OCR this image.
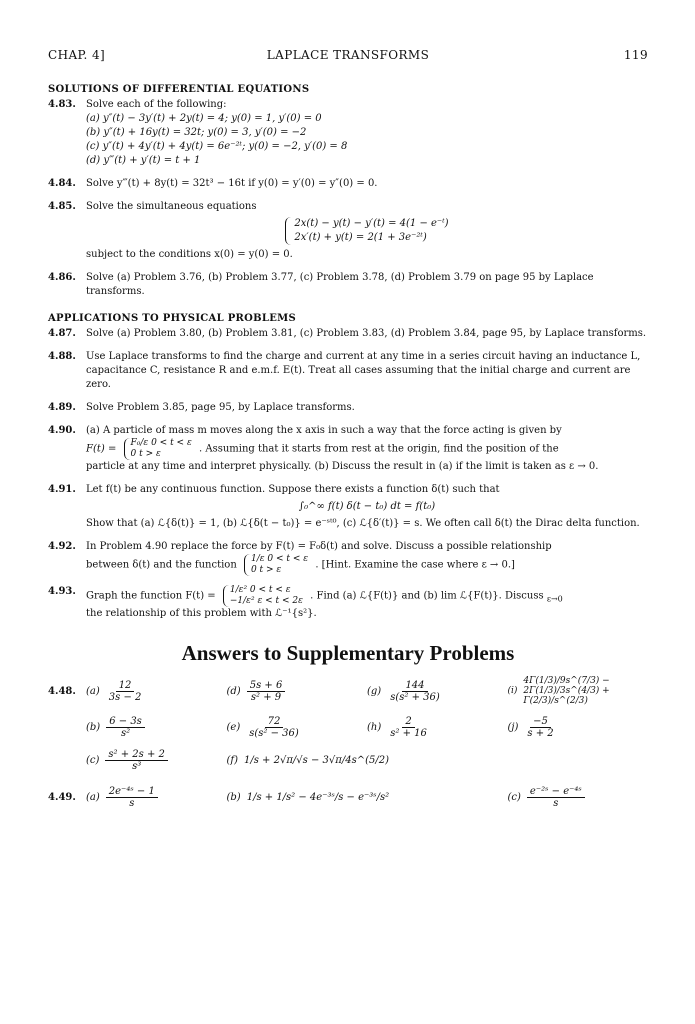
CHAP. 4]	LAPLACE TRANSFORMS	119
SOLUTIONS OF DIFFERENTIAL EQUATIONS
4.83.	Solve each of the following:
(a) y″(t) − 3y′(t) + 2y(t) = 4; y(0) = 1, y′(0) = 0
(b) y″(t) + 16y(t) = 32t; y(0) = 3, y′(0) = −2
(c) y″(t) + 4y′(t) + 4y(t) = 6e⁻²ᵗ; y(0) = −2, y′(0) = 8
(d) y‴(t) + y′(t) = t + 1
4.84.	Solve y‴(t) + 8y(t) = 32t³ − 16t if y(0) = y′(0) = y″(0) = 0.
4.85.	Solve the simultaneous equations
2x(t) − y(t) − y′(t) = 4(1 − e⁻ᵗ)
2x′(t) + y(t) = 2(1 + 3e⁻²ᵗ)
subject to the conditions x(0) = y(0) = 0.
4.86.	Solve (a) Problem 3.76, (b) Problem 3.77, (c) Problem 3.78, (d) Problem 3.79 on page 95 by Laplace transforms.
APPLICATIONS TO PHYSICAL PROBLEMS
4.87.	Solve (a) Problem 3.80, (b) Problem 3.81, (c) Problem 3.83, (d) Problem 3.84, page 95, by Laplace transforms.
4.88.	Use Laplace transforms to find the charge and current at any time in a series circuit having an inductance L, capacitance C, resistance R and e.m.f. E(t). Treat all cases assuming that the initial charge and current are zero.
4.89.	Solve Problem 3.85, page 95, by Laplace transforms.
4.90.	(a) A particle of mass m moves along the x axis in such a way that the force acting is given by
F(t) =
F₀/ε 0 < t < ε
0 t > ε	. Assuming that it starts from rest at the origin, find the position of the
particle at any time and interpret physically. (b) Discuss the result in (a) if the limit is taken as ε → 0.
4.91.	Let f(t) be any continuous function. Suppose there exists a function δ(t) such that
∫₀^∞ f(t) δ(t − t₀) dt = f(t₀)
Show that (a) ℒ{δ(t)} = 1, (b) ℒ{δ(t − t₀)} = e⁻ˢᵗ⁰, (c) ℒ{δ′(t)} = s. We often call δ(t) the Dirac delta function.
4.92.	In Problem 4.90 replace the force by F(t) = F₀δ(t) and solve. Discuss a possible relationship
between δ(t) and the function
1/ε 0 < t < ε
0 t > ε	. [Hint. Examine the case where ε → 0.]
4.93.	Graph the function F(t) =
1/ε² 0 < t < ε
−1/ε² ε < t < 2ε . Find (a) ℒ{F(t)} and (b) lim ℒ{F(t)}. Discuss $_{\varepsilon\to 0}$
the relationship of this problem with ℒ⁻¹{s²}.
Answers to Supplementary Problems
4.48.	$(a) \frac{12}{3s - 2}$	$(d) \frac{5s + 6}{\text{s² + 9}}$	$(g) \frac{144}{\text{s(s² + 36)}}$	(i)
4Γ(1/3)/9s^(7/3) − 2Γ(1/3)/3s^(4/3) + Γ(2/3)/s^(2/3)
$(b) \frac{6 - 3s}{\text{s²}}$	$(e) \frac{72}{\text{s(s² − 36)}}$	$(h) \frac{2}{\text{s² + 16}}$	$(j) \frac{-5}{s + 2}$
$(c) \frac{\text{s² + 2s + 2}}{\text{s³}}$	(f) 1/s + 2√π/√s − 3√π/4s^(5/2)
4.49.	$(a) \frac{\text{2e⁻⁴ˢ − 1}}{s}$	(b) 1/s + 1/s² − 4e⁻³ˢ/s − e⁻³ˢ/s²	$(c) \frac{\text{e⁻²ˢ − e⁻⁴ˢ}}{s}$
